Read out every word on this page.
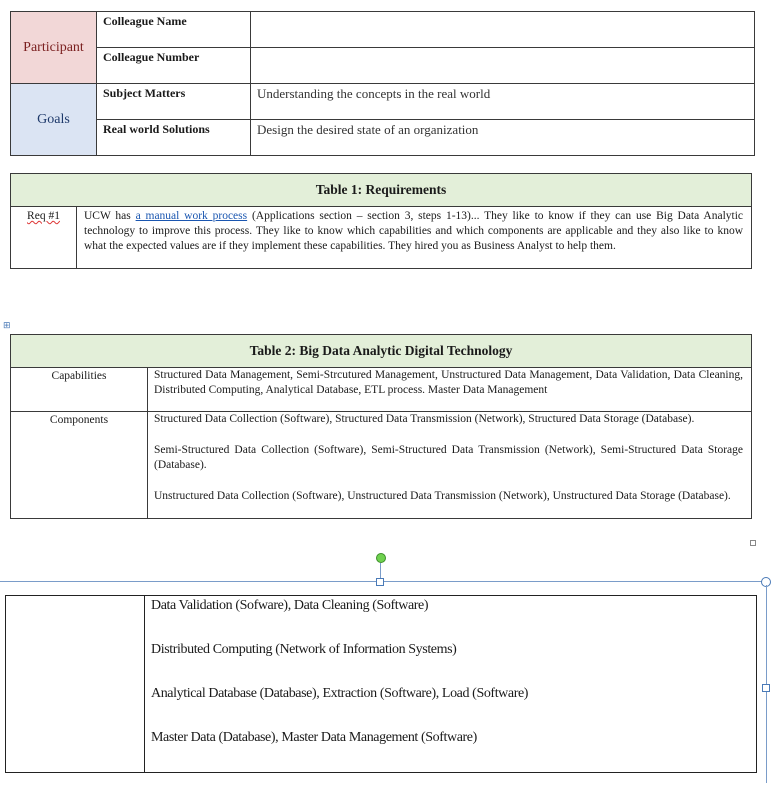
Participant	Colleague Name	
	Colleague Number	
Goals	Subject Matters	Understanding the concepts in the real world
	Real world Solutions	Design the desired state of an organization
Table 1: Requirements
Req #1	UCW has a manual work process (Applications section – section 3, steps 1-13)... They like to know if they can use Big Data Analytic technology to improve this process. They like to know which capabilities and which components are applicable and they also like to know what the expected values are if they implement these capabilities. They hired you as Business Analyst to help them.
⊞
Table 2: Big Data Analytic Digital Technology	
Capabilities	Structured Data Management, Semi-Strcutured Management, Unstructured Data Management, Data Validation, Data Cleaning, Distributed Computing, Analytical Database, ETL process. Master Data Management
Components	Structured Data Collection (Software), Structured Data Transmission (Network), Structured Data Storage (Database).

Semi-Structured Data Collection (Software), Semi-Structured Data Transmission (Network), Semi-Structured Data Storage (Database).

Unstructured Data Collection (Software), Unstructured Data Transmission (Network), Unstructured Data Storage (Database).

Data Validation (Sofware), Data Cleaning (Software)
Distributed Computing (Network of Information Systems)
Analytical Database (Database), Extraction (Software), Load (Software)
Master Data (Database), Master Data Management (Software)
